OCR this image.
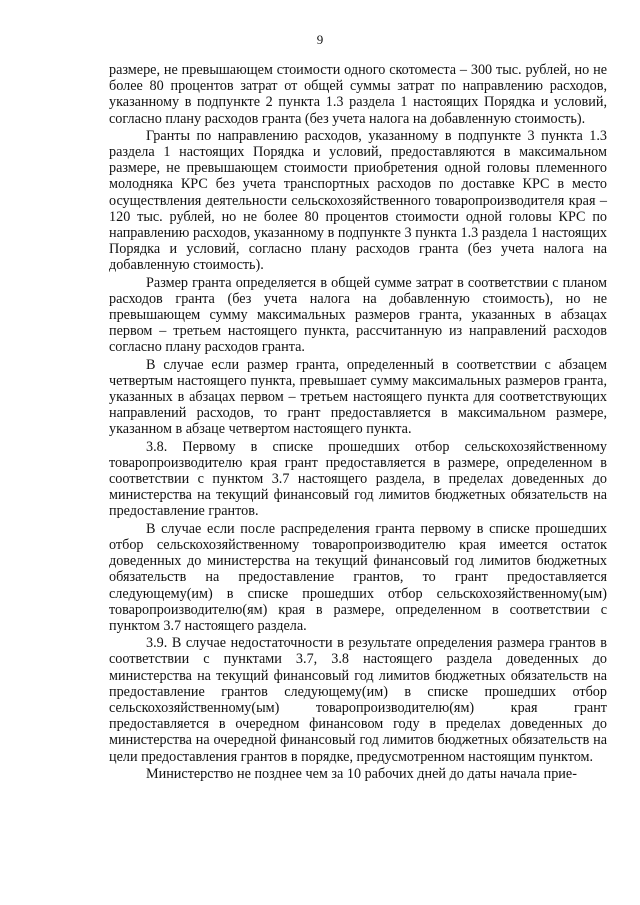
9

размере, не превышающем стоимости одного скотоместа – 300 тыс. рублей, но не более 80 процентов затрат от общей суммы затрат по направлению расходов, указанному в подпункте 2 пункта 1.3 раздела 1 настоящих Порядка и условий, согласно плану расходов гранта (без учета налога на добавленную стоимость).

Гранты по направлению расходов, указанному в подпункте 3 пункта 1.3 раздела 1 настоящих Порядка и условий, предоставляются в максимальном размере, не превышающем стоимости приобретения одной головы племенного молодняка КРС без учета транспортных расходов по доставке КРС в место осуществления деятельности сельскохозяйственного товаропроизводителя края – 120 тыс. рублей, но не более 80 процентов стоимости одной головы КРС по направлению расходов, указанному в подпункте 3 пункта 1.3 раздела 1 настоящих Порядка и условий, согласно плану расходов гранта (без учета налога на добавленную стоимость).

Размер гранта определяется в общей сумме затрат в соответствии с планом расходов гранта (без учета налога на добавленную стоимость), но не превышающем сумму максимальных размеров гранта, указанных в абзацах первом – третьем настоящего пункта, рассчитанную из направлений расходов согласно плану расходов гранта.

В случае если размер гранта, определенный в соответствии с абзацем четвертым настоящего пункта, превышает сумму максимальных размеров гранта, указанных в абзацах первом – третьем настоящего пункта для соответствующих направлений расходов, то грант предоставляется в максимальном размере, указанном в абзаце четвертом настоящего пункта.

3.8. Первому в списке прошедших отбор сельскохозяйственному товаропроизводителю края грант предоставляется в размере, определенном в соответствии с пунктом 3.7 настоящего раздела, в пределах доведенных до министерства на текущий финансовый год лимитов бюджетных обязательств на предоставление грантов.

В случае если после распределения гранта первому в списке прошедших отбор сельскохозяйственному товаропроизводителю края имеется остаток доведенных до министерства на текущий финансовый год лимитов бюджетных обязательств на предоставление грантов, то грант предоставляется следующему(им) в списке прошедших отбор сельскохозяйственному(ым) товаропроизводителю(ям) края в размере, определенном в соответствии с пунктом 3.7 настоящего раздела.

3.9. В случае недостаточности в результате определения размера грантов в соответствии с пунктами 3.7, 3.8 настоящего раздела доведенных до министерства на текущий финансовый год лимитов бюджетных обязательств на предоставление грантов следующему(им) в списке прошедших отбор сельскохозяйственному(ым) товаропроизводителю(ям) края грант предоставляется в очередном финансовом году в пределах доведенных до министерства на очередной финансовый год лимитов бюджетных обязательств на цели предоставления грантов в порядке, предусмотренном настоящим пунктом.

Министерство не позднее чем за 10 рабочих дней до даты начала прие-
